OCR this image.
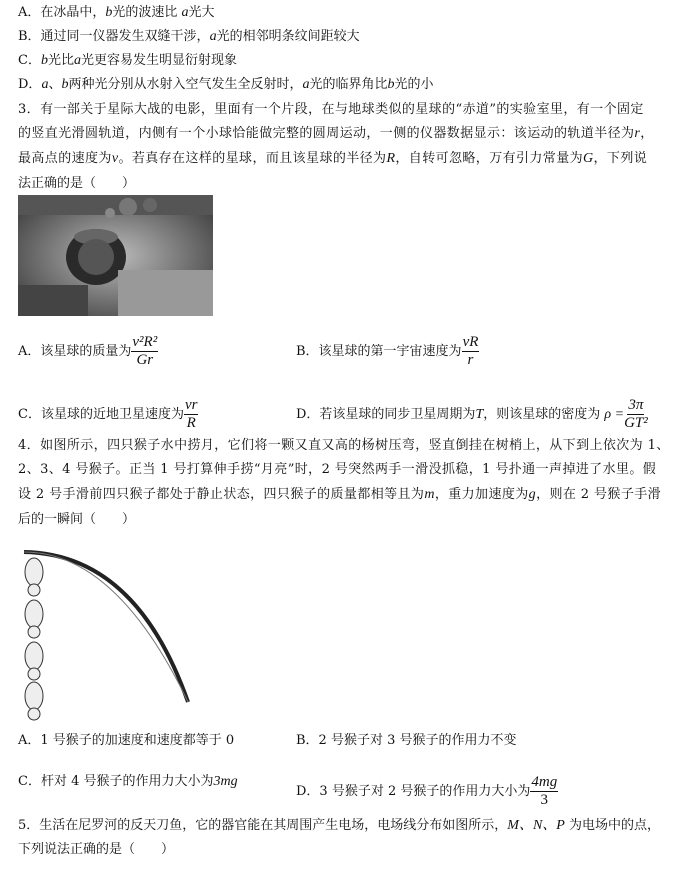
A．在冰晶中，b光的波速比 a光大
B．通过同一仪器发生双缝干涉，a光的相邻明条纹间距较大
C．b光比a光更容易发生明显衍射现象
D．a、b两种光分别从水射入空气发生全反射时，a光的临界角比b光的小
3．有一部关于星际大战的电影，里面有一个片段，在与地球类似的星球的“赤道”的实验室里，有一个固定
的竖直光滑圆轨道，内侧有一个小球恰能做完整的圆周运动，一侧的仪器数据显示：该运动的轨道半径为r，
最高点的速度为v。若真存在这样的星球，而且该星球的半径为R，自转可忽略，万有引力常量为G，下列说
法正确的是（　　）
A．该星球的质量为 $\frac{\text{v²R²}}{Gr}$	B．该星球的第一宇宙速度为 $\frac{vR}{r}$
C．该星球的近地卫星速度为 $\frac{vr}{R}$	D．若该星球的同步卫星周期为T，则该星球的密度为 $\rho = \frac{3\pi}{\text{GT²}}$
4．如图所示，四只猴子水中捞月，它们将一颗又直又高的杨树压弯，竖直倒挂在树梢上，从下到上依次为 1、
2、3、4 号猴子。正当 1 号打算伸手捞“月亮”时，2 号突然两手一滑没抓稳，1 号扑通一声掉进了水里。假
设 2 号手滑前四只猴子都处于静止状态，四只猴子的质量都相等且为m，重力加速度为g，则在 2 号猴子手滑
后的一瞬间（　　）
A．1 号猴子的加速度和速度都等于 0	B．2 号猴子对 3 号猴子的作用力不变
C．杆对 4 号猴子的作用力大小为3mg
D．3 号猴子对 2 号猴子的作用力大小为 $\frac{4mg}{3}$
5．生活在尼罗河的反天刀鱼，它的器官能在其周围产生电场，电场线分布如图所示，M、N、P 为电场中的点，
下列说法正确的是（　　）
